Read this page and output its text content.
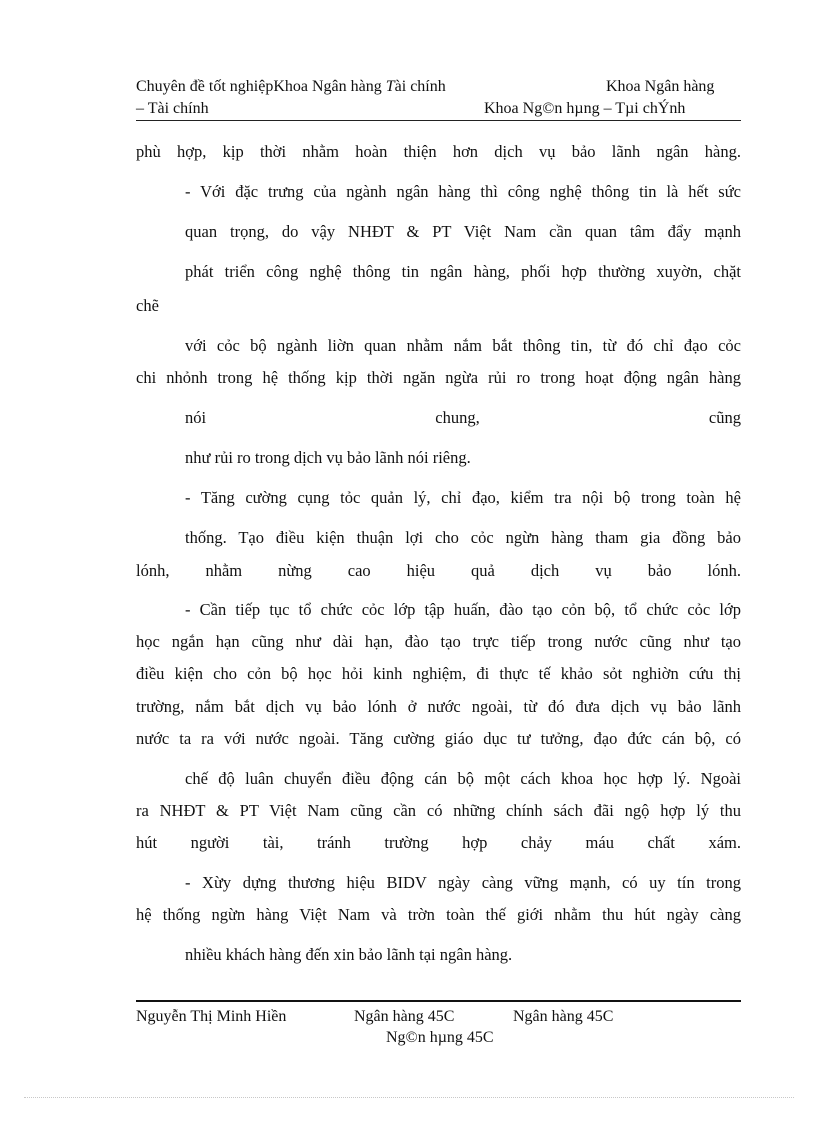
Chuyên đề tốt nghiệpKhoa Ngân hàng Tài chính	Khoa Ngân hàng
– Tài chính	Khoa Ng©n hµng – Tµi chÝnh
phù hợp, kịp thời nhằm hoàn thiện hơn dịch vụ bảo lãnh ngân hàng.
- Với đặc trưng của ngành ngân hàng thì công nghệ thông tin là hết sức
quan trọng, do vậy NHĐT & PT Việt Nam cần quan tâm đẩy mạnh
phát triển công nghệ thông tin ngân hàng, phối hợp thường xuyờn, chặt
chẽ
với cỏc bộ ngành liờn quan nhằm nắm bắt thông tin, từ đó chỉ đạo cỏc
chi nhỏnh trong hệ thống kịp thời ngăn ngừa rủi ro trong hoạt động ngân hàng
nói chung, cũng
như rủi ro trong dịch vụ bảo lãnh nói riêng.
- Tăng cường cụng tỏc quản lý, chỉ đạo, kiểm tra nội bộ trong toàn hệ
thống. Tạo điều kiện thuận lợi cho cỏc ngừn hàng tham gia đồng bảo
lónh, nhằm nừng cao hiệu quả dịch vụ bảo lónh.
- Cần tiếp tục tổ chức cỏc lớp tập huấn, đào tạo cỏn bộ, tổ chức cỏc lớp
học ngắn hạn cũng như dài hạn, đào tạo trực tiếp trong nước cũng như tạo
điều kiện cho cỏn bộ học hỏi kinh nghiệm, đi thực tế khảo sỏt nghiờn cứu thị
trường, nắm bắt dịch vụ bảo lónh ở nước ngoài, từ đó đưa dịch vụ bảo lãnh
nước ta ra với nước ngoài. Tăng cường giáo dục tư tưởng, đạo đức cán bộ, có
chế độ luân chuyển điều động cán bộ một cách khoa học hợp lý. Ngoài
ra NHĐT & PT Việt Nam cũng cần có những chính sách đãi ngộ hợp lý thu
hút người tài, tránh trường hợp chảy máu chất xám.
- Xừy dựng thương hiệu BIDV ngày càng vững mạnh, có uy tín trong
hệ thống ngừn hàng Việt Nam và trờn toàn thế giới nhằm thu hút ngày càng
nhiều khách hàng đến xin bảo lãnh tại ngân hàng.
Nguyễn Thị Minh Hiền	Ngân hàng 45C	Ngân hàng 45C
Ng©n hµng 45C
